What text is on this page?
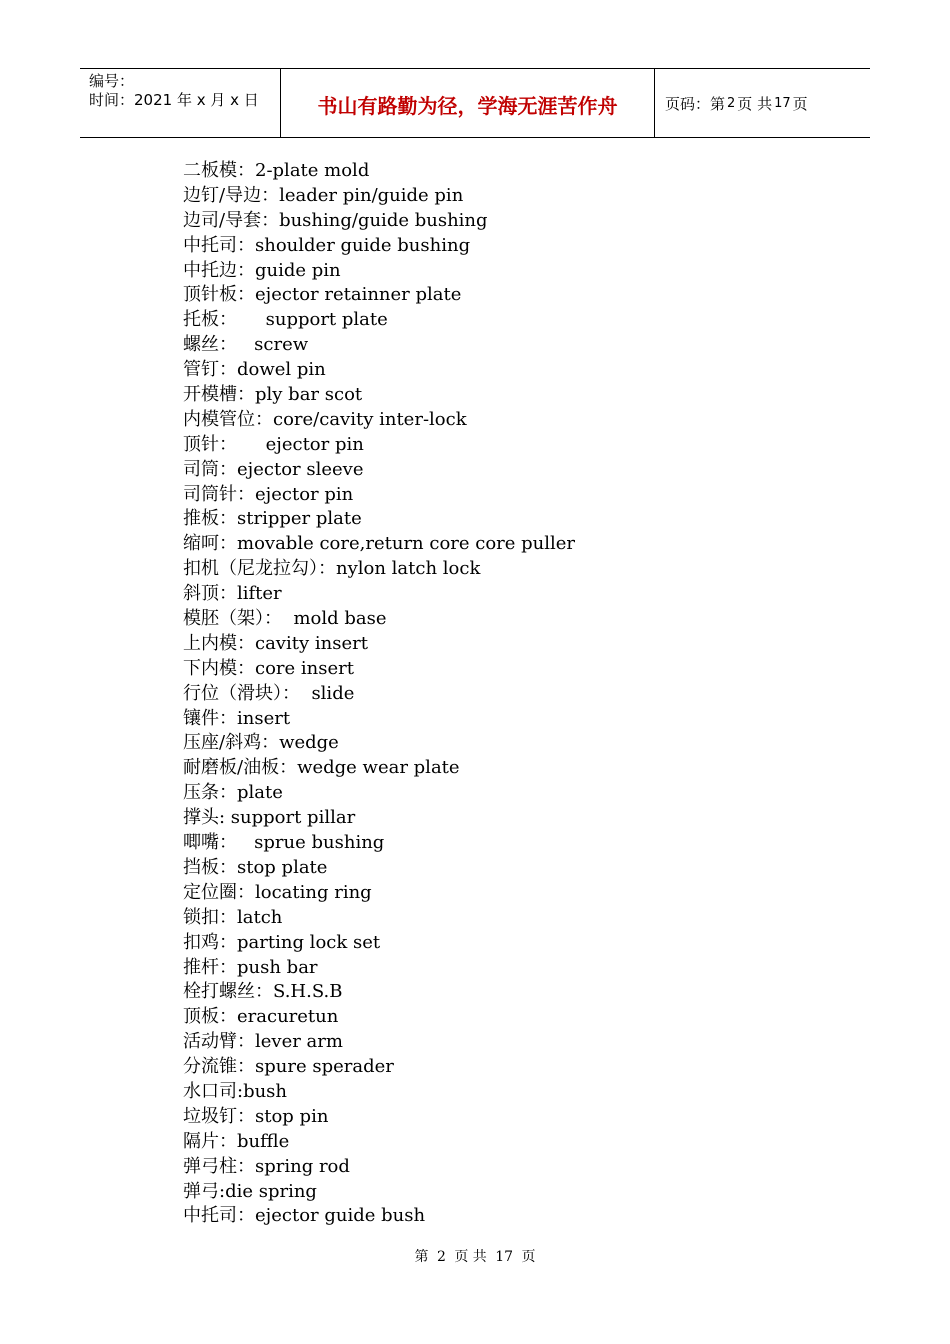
编号：
时间：2021 年 x 月 x 日	书山有路勤为径，学海无涯苦作舟	页码：第 2 页 共 17 页
二板模：2-plate mold
边钉/导边：leader pin/guide pin
边司/导套：bushing/guide bushing
中托司：shoulder guide bushing
中托边：guide pin
顶针板：ejector retainner plate
托板：     support plate
螺丝：   screw
管钉：dowel pin
开模槽：ply bar scot
内模管位：core/cavity inter-lock
顶针：     ejector pin
司筒：ejector sleeve
司筒针：ejector pin
推板：stripper plate
缩呵：movable core,return core core puller
扣机（尼龙拉勾）：nylon latch lock
斜顶：lifter
模胚（架）：  mold base
上内模：cavity insert
下内模：core insert
行位（滑块）：  slide
镶件：insert
压座/斜鸡：wedge
耐磨板/油板：wedge wear plate
压条：plate
撑头: support pillar
唧嘴：   sprue bushing
挡板：stop plate
定位圈：locating ring
锁扣：latch
扣鸡：parting lock set
推杆：push bar
栓打螺丝：S.H.S.B
顶板：eracuretun
活动臂：lever arm
分流锥：spure sperader
水口司:bush
垃圾钉：stop pin
隔片：buffle
弹弓柱：spring rod
弹弓:die spring
中托司：ejector guide bush
第 2 页 共 17 页
